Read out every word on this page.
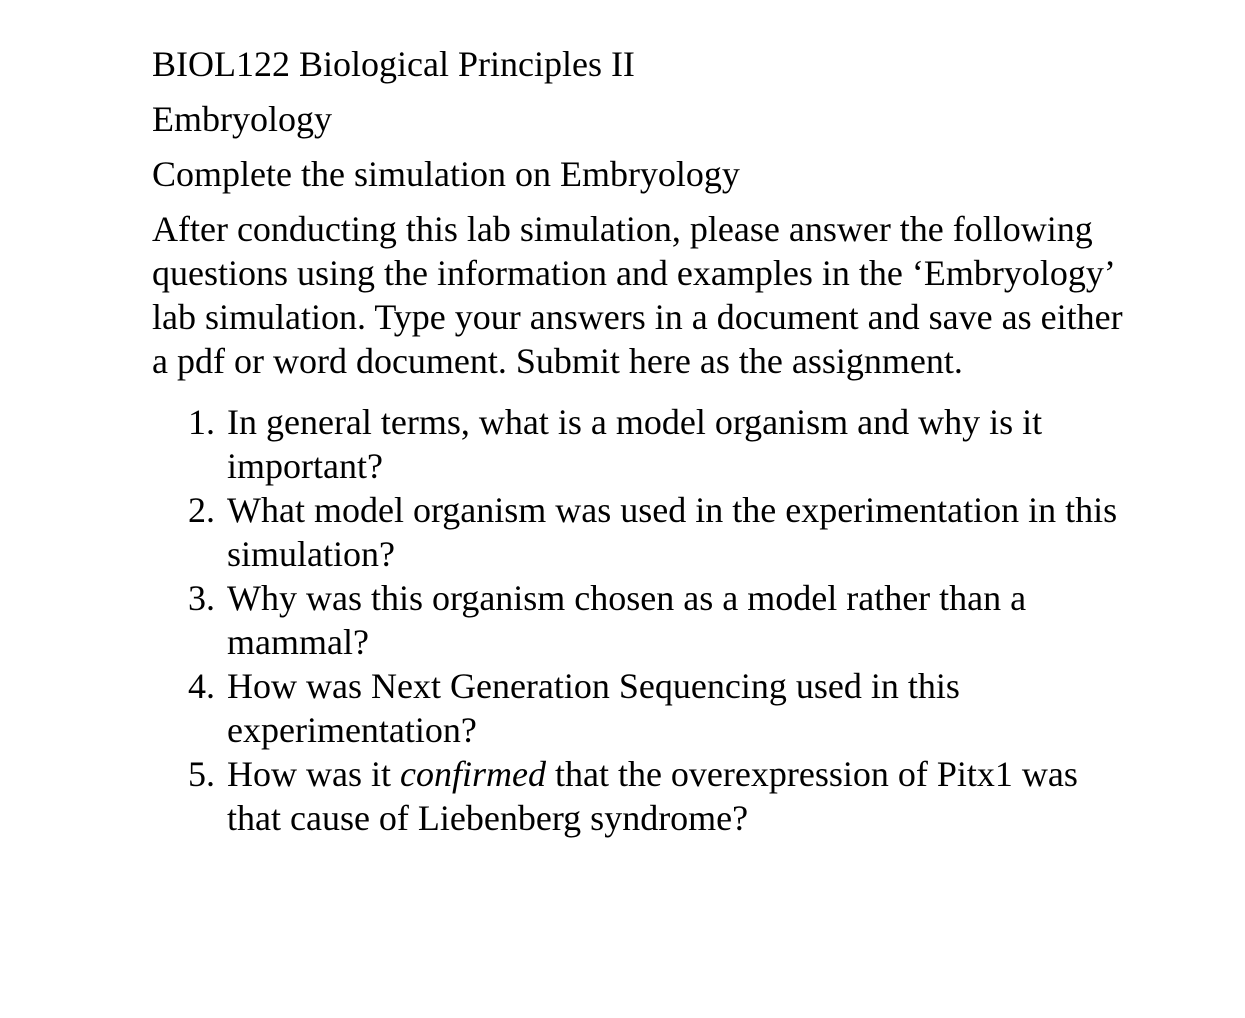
BIOL122 Biological Principles II
Embryology
Complete the simulation on Embryology
After conducting this lab simulation, please answer the following questions using the information and examples in the ‘Embryology’ lab simulation. Type your answers in a document and save as either a pdf or word document. Submit here as the assignment.
1. In general terms, what is a model organism and why is it important?
2. What model organism was used in the experimentation in this simulation?
3. Why was this organism chosen as a model rather than a mammal?
4. How was Next Generation Sequencing used in this experimentation?
5. How was it confirmed that the overexpression of Pitx1 was that cause of Liebenberg syndrome?
